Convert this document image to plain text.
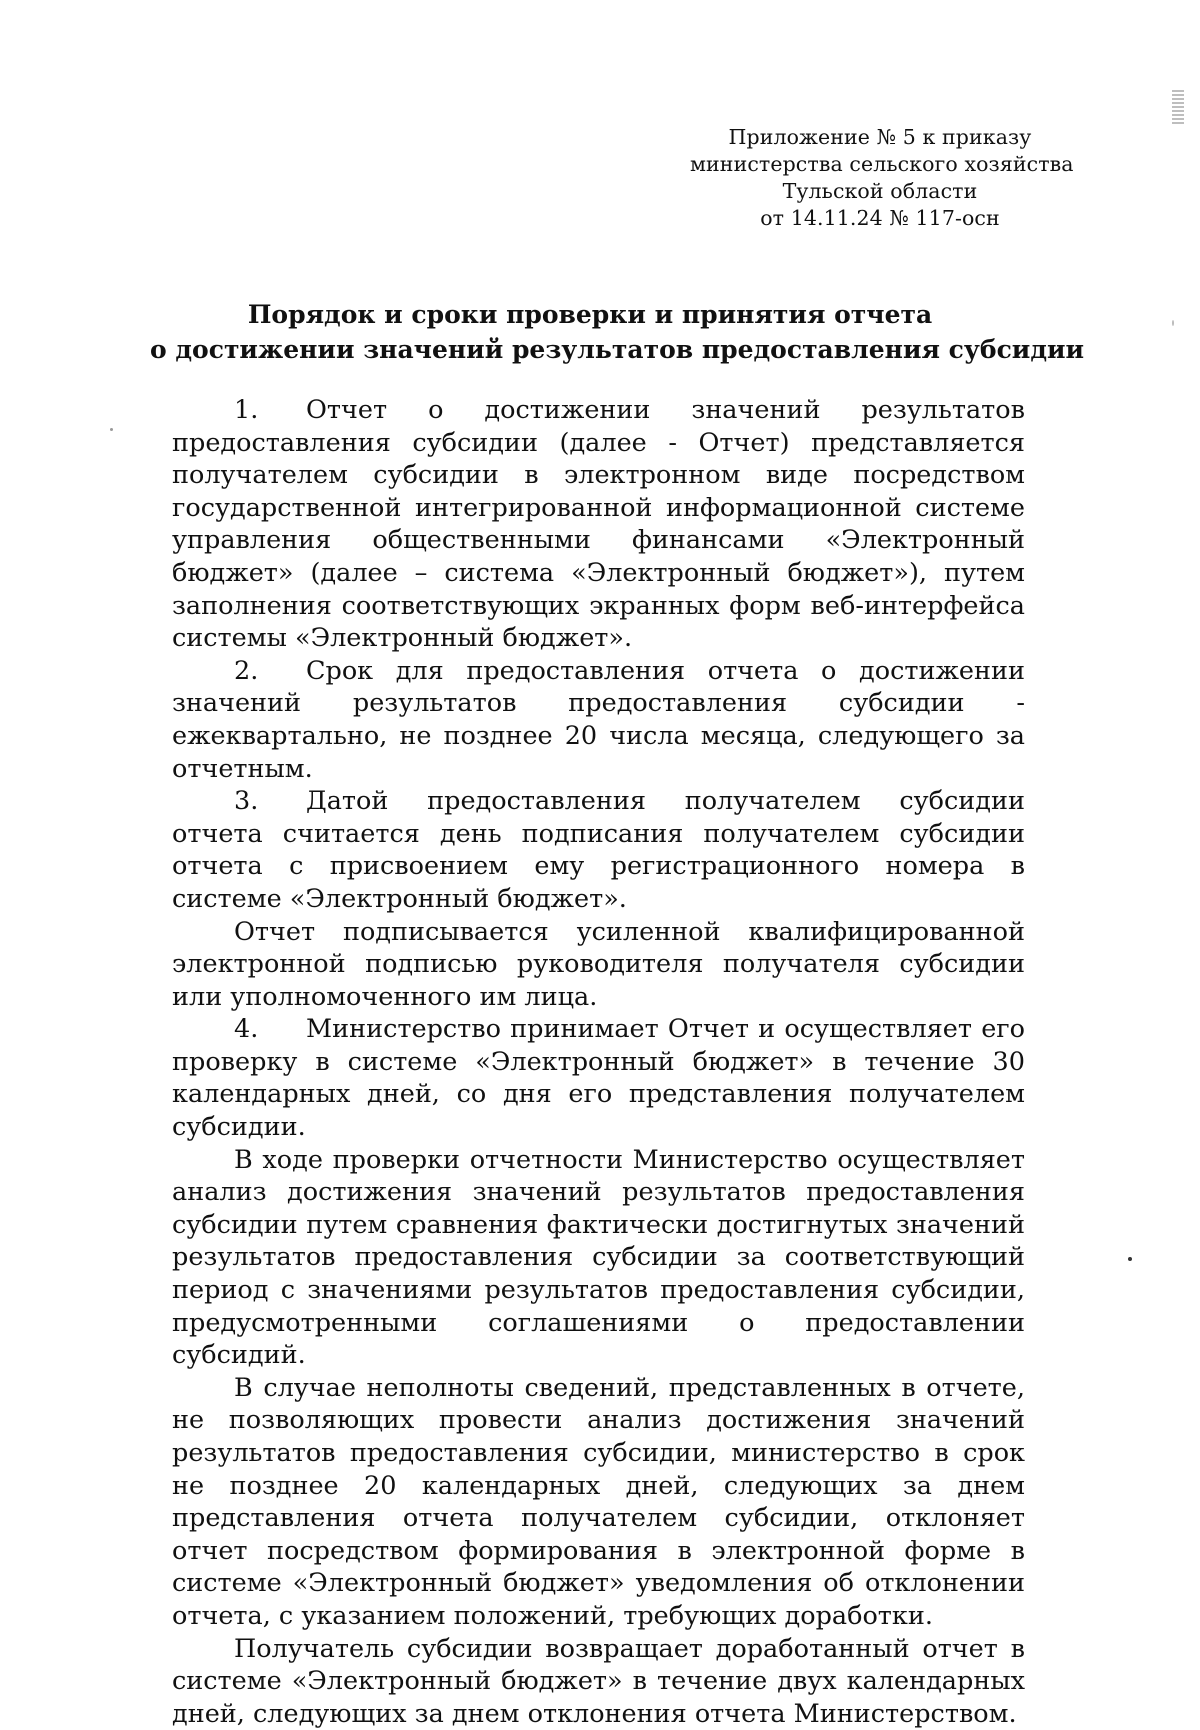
Приложение № 5 к приказу
министерства сельского хозяйства
Тульской области
от 14.11.24 № 117-осн
Порядок и сроки проверки и принятия отчета
о достижении значений результатов предоставления субсидии

1. Отчет о достижении значений результатов предоставления субсидии (далее - Отчет) представляется получателем субсидии в электронном виде посредством государственной интегрированной информационной системе управления общественными финансами «Электронный бюджет» (далее – система «Электронный бюджет»), путем заполнения соответствующих экранных форм веб-интерфейса системы «Электронный бюджет».

2. Срок для предоставления отчета о достижении значений результатов предоставления субсидии - ежеквартально, не позднее 20 числа месяца, следующего за отчетным.

3. Датой предоставления получателем субсидии отчета считается день подписания получателем субсидии отчета с присвоением ему регистрационного номера в системе «Электронный бюджет».

Отчет подписывается усиленной квалифицированной электронной подписью руководителя получателя субсидии или уполномоченного им лица.

4. Министерство принимает Отчет и осуществляет его проверку в системе «Электронный бюджет» в течение 30 календарных дней, со дня его представления получателем субсидии.

В ходе проверки отчетности Министерство осуществляет анализ достижения значений результатов предоставления субсидии путем сравнения фактически достигнутых значений результатов предоставления субсидии за соответствующий период с значениями результатов предоставления субсидии, предусмотренными соглашениями о предоставлении субсидий.

В случае неполноты сведений, представленных в отчете, не позволяющих провести анализ достижения значений результатов предоставления субсидии, министерство в срок не позднее 20 календарных дней, следующих за днем представления отчета получателем субсидии, отклоняет отчет посредством формирования в электронной форме в системе «Электронный бюджет» уведомления об отклонении отчета, с указанием положений, требующих доработки.

Получатель субсидии возвращает доработанный отчет в системе «Электронный бюджет» в течение двух календарных дней, следующих за днем отклонения отчета Министерством.
